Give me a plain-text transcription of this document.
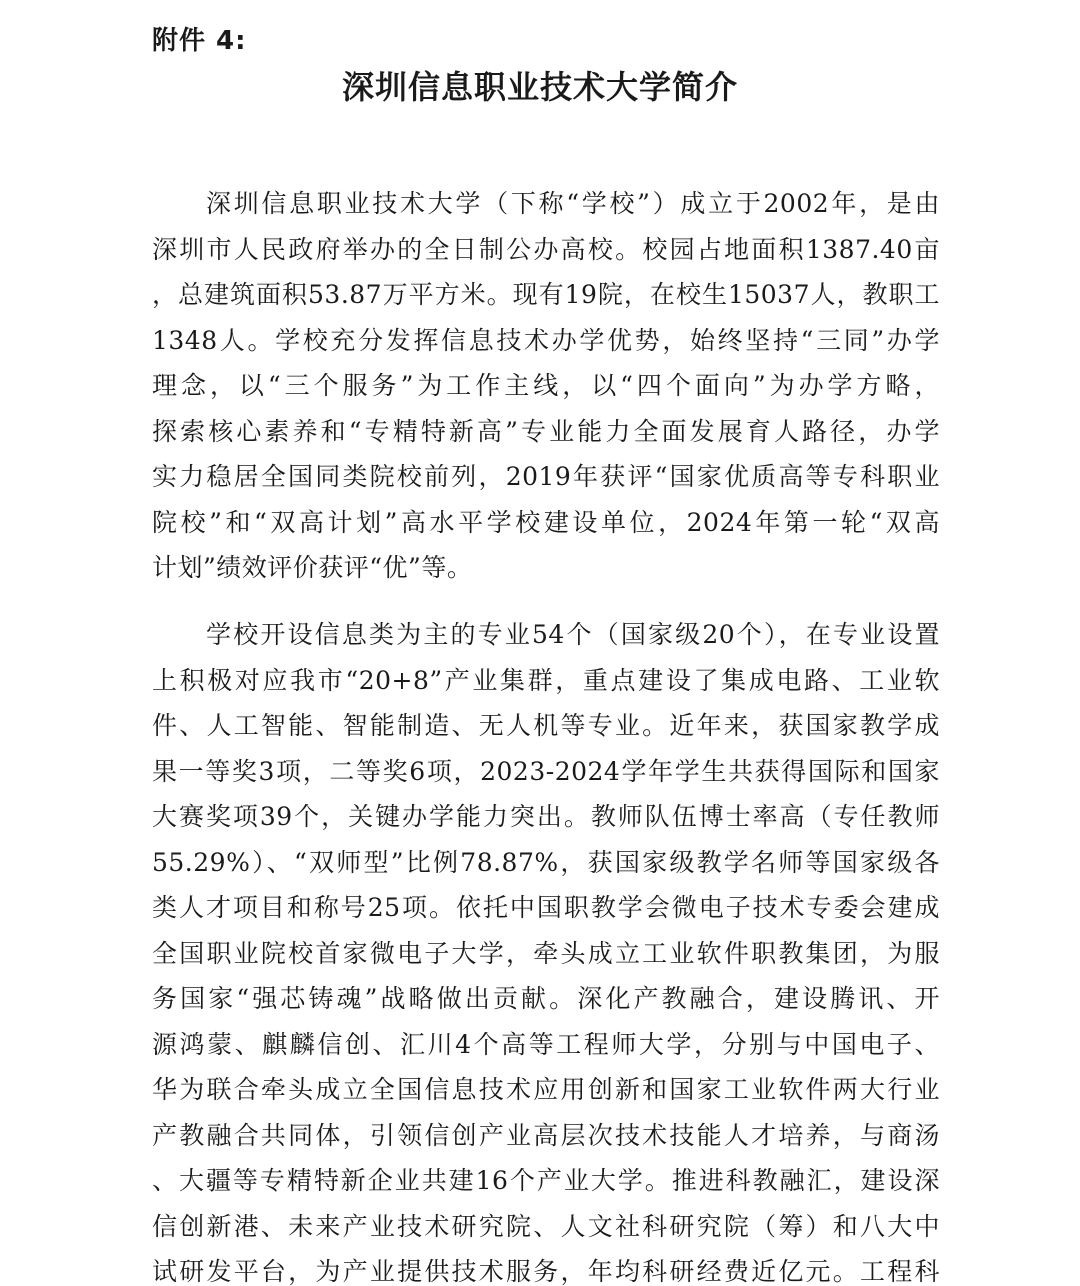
附件 4:
深圳信息职业技术大学简介
深圳信息职业技术大学（下称“学校”）成立于2002年，是由
深圳市人民政府举办的全日制公办高校。校园占地面积1387.40亩
，总建筑面积53.87万平方米。现有19院，在校生15037人，教职工
1348人。学校充分发挥信息技术办学优势，始终坚持“三同”办学
理念，以“三个服务”为工作主线，以“四个面向”为办学方略，
探索核心素养和“专精特新高”专业能力全面发展育人路径，办学
实力稳居全国同类院校前列，2019年获评“国家优质高等专科职业
院校”和“双高计划”高水平学校建设单位，2024年第一轮“双高
计划”绩效评价获评“优”等。
学校开设信息类为主的专业54个（国家级20个），在专业设置
上积极对应我市“20+8”产业集群，重点建设了集成电路、工业软
件、人工智能、智能制造、无人机等专业。近年来，获国家教学成
果一等奖3项，二等奖6项，2023-2024学年学生共获得国际和国家
大赛奖项39个，关键办学能力突出。教师队伍博士率高（专任教师
55.29%）、“双师型”比例78.87%，获国家级教学名师等国家级各
类人才项目和称号25项。依托中国职教学会微电子技术专委会建成
全国职业院校首家微电子大学，牵头成立工业软件职教集团，为服
务国家“强芯铸魂”战略做出贡献。深化产教融合，建设腾讯、开
源鸿蒙、麒麟信创、汇川4个高等工程师大学，分别与中国电子、
华为联合牵头成立全国信息技术应用创新和国家工业软件两大行业
产教融合共同体，引领信创产业高层次技术技能人才培养，与商汤
、大疆等专精特新企业共建16个产业大学。推进科教融汇，建设深
信创新港、未来产业技术研究院、人文社科研究院（筹）和八大中
试研发平台，为产业提供技术服务，年均科研经费近亿元。工程科
